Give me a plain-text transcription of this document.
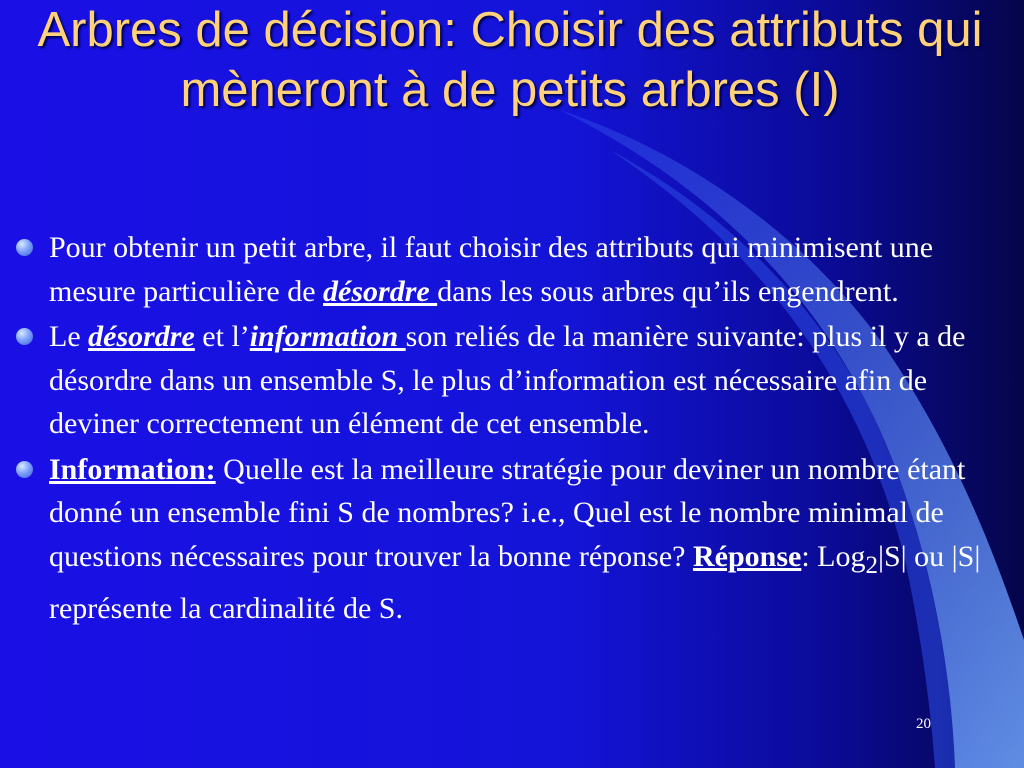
Arbres de décision: Choisir des attributs qui mèneront à de petits arbres (I)
Pour obtenir un petit arbre, il faut choisir des attributs qui minimisent une mesure particulière de désordre dans les sous arbres qu’ils engendrent.
Le désordre et l’information son reliés de la manière suivante: plus il y a de désordre dans un ensemble S, le plus d’information est nécessaire afin de deviner correctement un élément de cet ensemble.
Information: Quelle est la meilleure stratégie pour deviner un nombre étant donné un ensemble fini S de nombres? i.e., Quel est le nombre minimal de questions nécessaires pour trouver la bonne réponse? Réponse: Log$_2$|S| ou |S| représente la cardinalité de S.
20
